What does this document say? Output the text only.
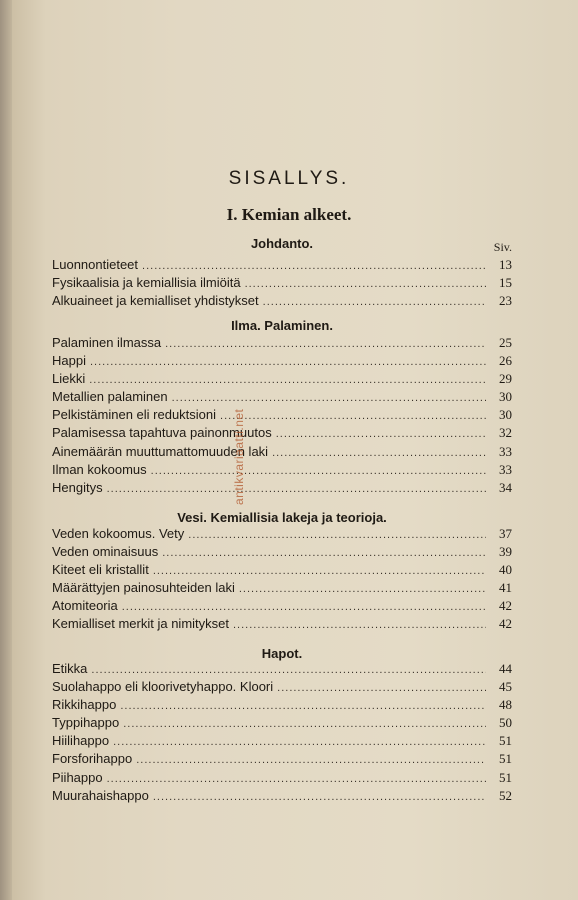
SISALLYS.
I. Kemian alkeet.
Siv.
Johdanto.
Luonnontieteet .....	13
Fysikaalisia ja kemiallisia ilmiöitä .....	15
Alkuaineet ja kemialliset yhdistykset .....	23
Ilma. Palaminen.
Palaminen ilmassa .....	25
Happi .....	26
Liekki .....	29
Metallien palaminen .....	30
Pelkistäminen eli reduktsioni .....	30
Palamisessa tapahtuva painonmuutos .....	32
Ainemäärän muuttumattomuuden laki .....	33
Ilman kokoomus .....	33
Hengitys .....	34
Vesi. Kemiallisia lakeja ja teorioja.
Veden kokoomus. Vety .....	37
Veden ominaisuus .....	39
Kiteet eli kristallit .....	40
Määrättyjen painosuhteiden laki .....	41
Atomiteoria .....	42
Kemialliset merkit ja nimitykset .....	42
Hapot.
Etikka .....	44
Suolahappo eli kloorivetyhappo. Kloori .....	45
Rikkihappo .....	48
Typpihappo .....	50
Hiilihappo .....	51
Forsforihappo .....	51
Piihappo .....	51
Muurahaishappo .....	52
antikvariaatti.net
